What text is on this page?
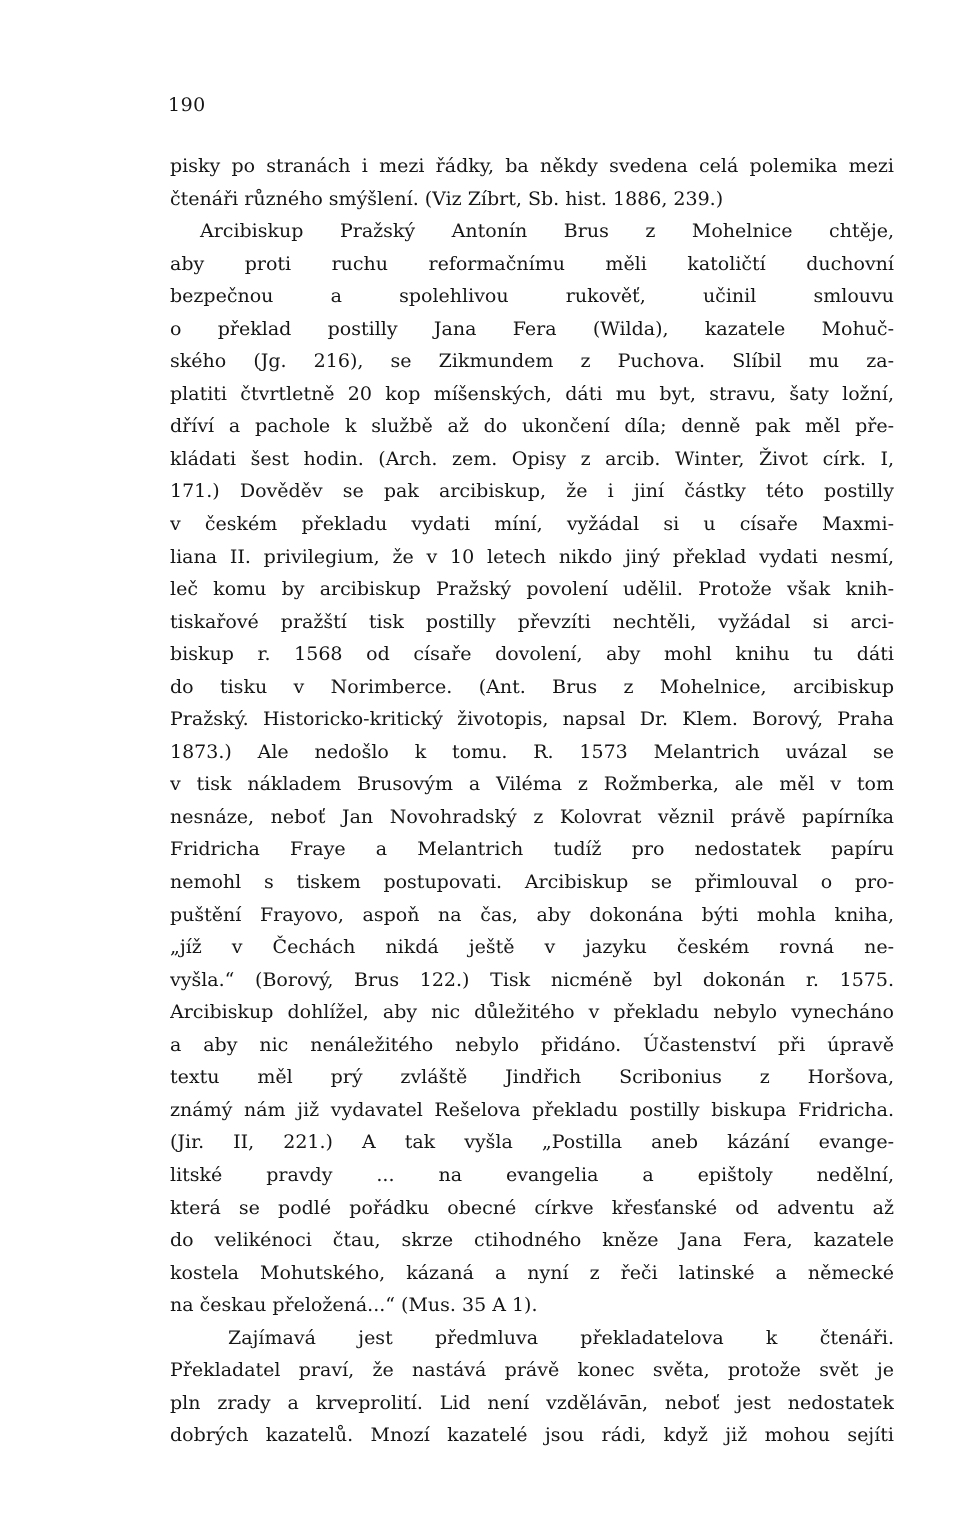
190
pisky po stranách i mezi řádky, ba někdy svedena celá polemika mezi
čtenáři různého smýšlení. (Viz Zíbrt, Sb. hist. 1886, 239.)
Arcibiskup Pražský Antonín Brus z Mohelnice chtěje,
aby proti ruchu reformačnímu měli katoličtí duchovní
bezpečnou a spolehlivou rukověť, učinil smlouvu
o překlad postilly Jana Fera (Wilda), kazatele Mohuč-
ského (Jg. 216), se Zikmundem z Puchova. Slíbil mu za-
platiti čtvrtletně 20 kop míšenských, dáti mu byt, stravu, šaty ložní,
dříví a pachole k službě až do ukončení díla; denně pak měl pře-
kládati šest hodin. (Arch. zem. Opisy z arcib. Winter, Život círk. I,
171.) Dověděv se pak arcibiskup, že i jiní částky této postilly
v českém překladu vydati míní, vyžádal si u císaře Maxmi-
liana II. privilegium, že v 10 letech nikdo jiný překlad vydati nesmí,
leč komu by arcibiskup Pražský povolení udělil. Protože však knih-
tiskařové pražští tisk postilly převzíti nechtěli, vyžádal si arci-
biskup r. 1568 od císaře dovolení, aby mohl knihu tu dáti
do tisku v Norimberce. (Ant. Brus z Mohelnice, arcibiskup
Pražský. Historicko-kritický životopis, napsal Dr. Klem. Borový, Praha
1873.) Ale nedošlo k tomu. R. 1573 Melantrich uvázal se
v tisk nákladem Brusovým a Viléma z Rožmberka, ale měl v tom
nesnáze, neboť Jan Novohradský z Kolovrat věznil právě papírníka
Fridricha Fraye a Melantrich tudíž pro nedostatek papíru
nemohl s tiskem postupovati. Arcibiskup se přimlouval o pro-
puštění Frayovo, aspoň na čas, aby dokonána býti mohla kniha,
„jíž v Čechách nikdá ještě v jazyku českém rovná ne-
vyšla.“ (Borový, Brus 122.) Tisk nicméně byl dokonán r. 1575.
Arcibiskup dohlížel, aby nic důležitého v překladu nebylo vynecháno
a aby nic nenáležitého nebylo přidáno. Účastenství při úpravě
textu měl prý zvláště Jindřich Scribonius z Horšova,
známý nám již vydavatel Rešelova překladu postilly biskupa Fridricha.
(Jir. II, 221.) A tak vyšla „Postilla aneb kázání evange-
litské pravdy ... na evangelia a epištoly nedělní,
která se podlé pořádku obecné církve křesťanské od adventu až
do velikénoci čtau, skrze ctihodného kněze Jana Fera, kazatele
kostela Mohutského, kázaná a nyní z řeči latinské a německé
na českau přeložená...“ (Mus. 35 A 1).
Zajímavá jest předmluva překladatelova k čtenáři.
Překladatel praví, že nastává právě konec světa, protože svět je
pln zrady a krveprolití. Lid není vzdělávān, neboť jest nedostatek
dobrých kazatelů. Mnozí kazatelé jsou rádi, když již mohou sejíti
